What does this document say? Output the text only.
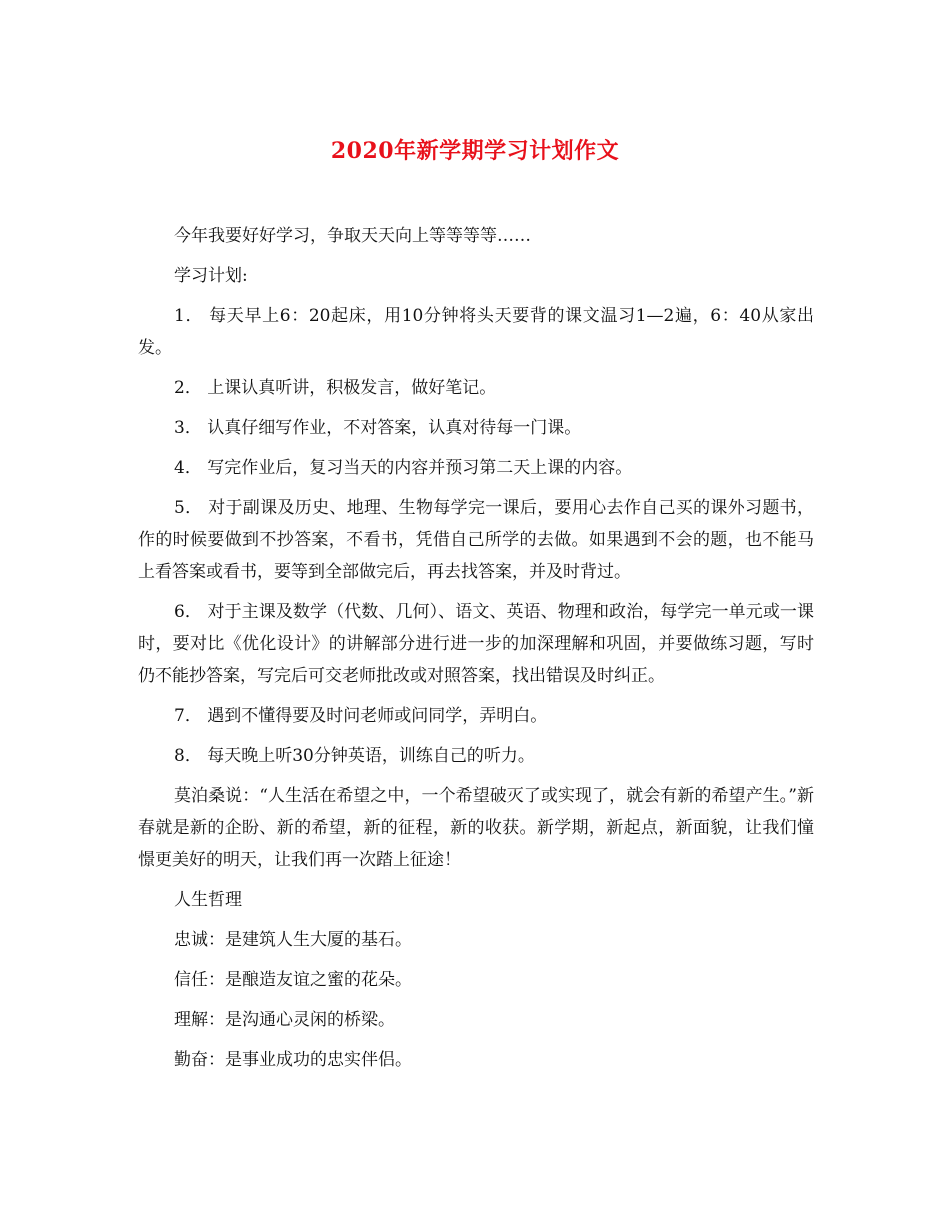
2020年新学期学习计划作文

今年我要好好学习，争取天天向上等等等等……

学习计划:

1． 每天早上6：20起床，用10分钟将头天要背的课文温习1—2遍，6：40从家出发。

2． 上课认真听讲，积极发言，做好笔记。

3． 认真仔细写作业，不对答案，认真对待每一门课。

4． 写完作业后，复习当天的内容并预习第二天上课的内容。

5． 对于副课及历史、地理、生物每学完一课后，要用心去作自己买的课外习题书，作的时候要做到不抄答案，不看书，凭借自己所学的去做。如果遇到不会的题，也不能马上看答案或看书，要等到全部做完后，再去找答案，并及时背过。

6． 对于主课及数学（代数、几何）、语文、英语、物理和政治，每学完一单元或一课时，要对比《优化设计》的讲解部分进行进一步的加深理解和巩固，并要做练习题，写时仍不能抄答案，写完后可交老师批改或对照答案，找出错误及时纠正。

7． 遇到不懂得要及时问老师或问同学，弄明白。

8． 每天晚上听30分钟英语，训练自己的听力。

莫泊桑说：“人生活在希望之中，一个希望破灭了或实现了，就会有新的希望产生。”新春就是新的企盼、新的希望，新的征程，新的收获。新学期，新起点，新面貌，让我们憧憬更美好的明天，让我们再一次踏上征途！

人生哲理

忠诚：是建筑人生大厦的基石。

信任：是酿造友谊之蜜的花朵。

理解：是沟通心灵闲的桥梁。

勤奋：是事业成功的忠实伴侣。
